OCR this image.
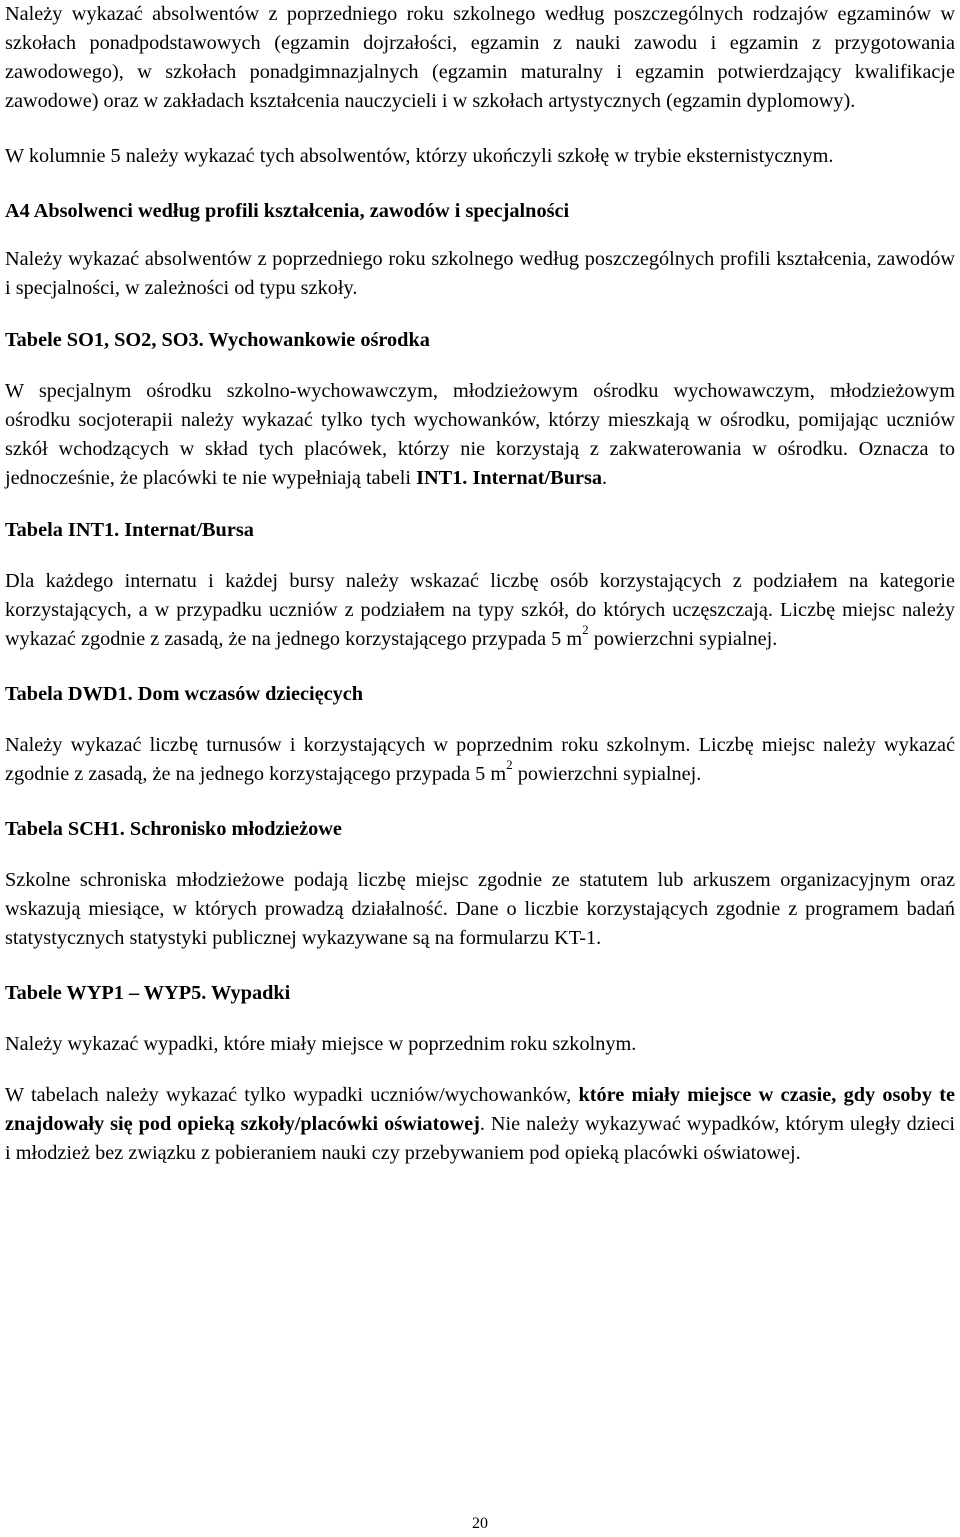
Należy wykazać absolwentów z poprzedniego roku szkolnego według poszczególnych rodzajów egzaminów w szkołach ponadpodstawowych (egzamin dojrzałości, egzamin z nauki zawodu i egzamin z przygotowania zawodowego), w szkołach ponadgimnazjalnych (egzamin maturalny i egzamin potwierdzający kwalifikacje zawodowe) oraz w zakładach kształcenia nauczycieli i w szkołach artystycznych (egzamin dyplomowy).

W kolumnie 5 należy wykazać tych absolwentów, którzy ukończyli szkołę w trybie eksternistycznym.

A4 Absolwenci według profili kształcenia, zawodów i specjalności

Należy wykazać absolwentów z poprzedniego roku szkolnego według poszczególnych profili kształcenia, zawodów i specjalności, w zależności od typu szkoły.

Tabele SO1, SO2, SO3. Wychowankowie ośrodka

W specjalnym ośrodku szkolno-wychowawczym, młodzieżowym ośrodku wychowawczym, młodzieżowym ośrodku socjoterapii należy wykazać tylko tych wychowanków, którzy mieszkają w ośrodku, pomijając uczniów szkół wchodzących w skład tych placówek, którzy nie korzystają z zakwaterowania w ośrodku. Oznacza to jednocześnie, że placówki te nie wypełniają tabeli INT1. Internat/Bursa.

Tabela INT1. Internat/Bursa

Dla każdego internatu i każdej bursy należy wskazać liczbę osób korzystających z podziałem na kategorie korzystających, a w przypadku uczniów z podziałem na typy szkół, do których uczęszczają. Liczbę miejsc należy wykazać zgodnie z zasadą, że na jednego korzystającego przypada 5 $m^2$ powierzchni sypialnej.

Tabela DWD1. Dom wczasów dziecięcych

Należy wykazać liczbę turnusów i korzystających w poprzednim roku szkolnym. Liczbę miejsc należy wykazać zgodnie z zasadą, że na jednego korzystającego przypada 5 $m^2$ powierzchni sypialnej.

Tabela SCH1. Schronisko młodzieżowe

Szkolne schroniska młodzieżowe podają liczbę miejsc zgodnie ze statutem lub arkuszem organizacyjnym oraz wskazują miesiące, w których prowadzą działalność. Dane o liczbie korzystających zgodnie z programem badań statystycznych statystyki publicznej wykazywane są na formularzu KT-1.

Tabele WYP1 – WYP5. Wypadki

Należy wykazać wypadki, które miały miejsce w poprzednim roku szkolnym.

W tabelach należy wykazać tylko wypadki uczniów/wychowanków, które miały miejsce w czasie, gdy osoby te znajdowały się pod opieką szkoły/placówki oświatowej. Nie należy wykazywać wypadków, którym uległy dzieci i młodzież bez związku z pobieraniem nauki czy przebywaniem pod opieką placówki oświatowej.

20
